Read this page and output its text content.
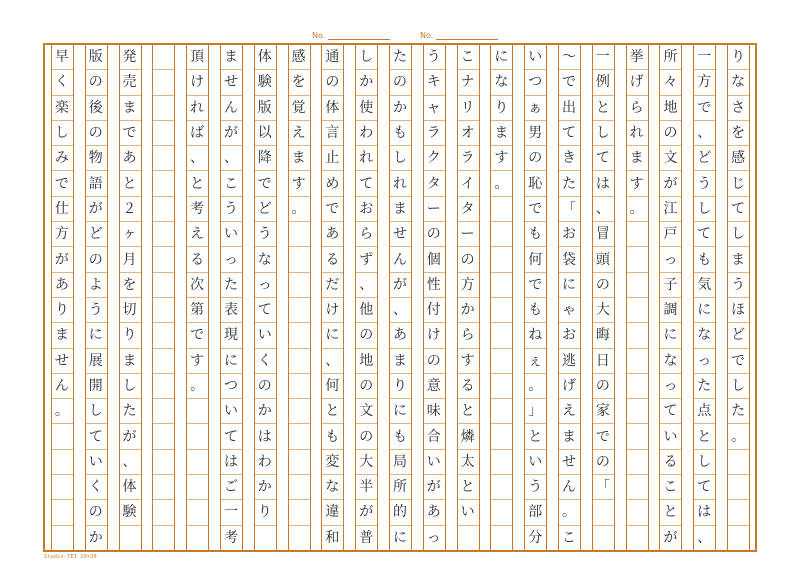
No.	No.
り
な
さ
を
感
じ
て
し
ま
う
ほ
ど
で
し
た
。
一
方
で
、
ど
う
し
て
も
気
に
な
っ
た
点
と
し
て
は
、
所
々
地
の
文
が
江
戸
っ
子
調
に
な
っ
て
い
る
こ
と
が
挙
げ
ら
れ
ま
す
。
一
例
と
し
て
は
、
冒
頭
の
大
晦
日
の
家
で
の
「
〜
で
出
て
き
た
「
お
袋
に
ゃ
お
逃
げ
え
ま
せ
ん
。
こ
い
つ
ぁ
男
の
恥
で
も
何
で
も
ね
ぇ
。
」
と
い
う
部
分
に
な
り
ま
す
。
こ
ナ
リ
オ
ラ
イ
タ
ー
の
方
か
ら
す
る
と
燐
太
と
い
う
キ
ャ
ラ
ク
タ
ー
の
個
性
付
け
の
意
味
合
い
が
あ
っ
た
の
か
も
し
れ
ま
せ
ん
が
、
あ
ま
り
に
も
局
所
的
に
し
か
使
わ
れ
て
お
ら
ず
、
他
の
地
の
文
の
大
半
が
普
通
の
体
言
止
め
で
あ
る
だ
け
に
、
何
と
も
変
な
違
和
感
を
覚
え
ま
す
。
体
験
版
以
降
で
ど
う
な
っ
て
い
く
の
か
は
わ
か
り
ま
せ
ん
が
、
こ
う
い
っ
た
表
現
に
つ
い
て
は
ご
一
考
頂
け
れ
ば
、
と
考
え
る
次
第
で
す
。
発
売
ま
で
あ
と
２
ヶ
月
を
切
り
ま
し
た
が
、
体
験
版
の
後
の
物
語
が
ど
の
よ
う
に
展
開
し
て
い
く
の
か
早
く
楽
し
み
で
仕
方
が
あ
り
ま
せ
ん
。
Studio-TEI 20×20
